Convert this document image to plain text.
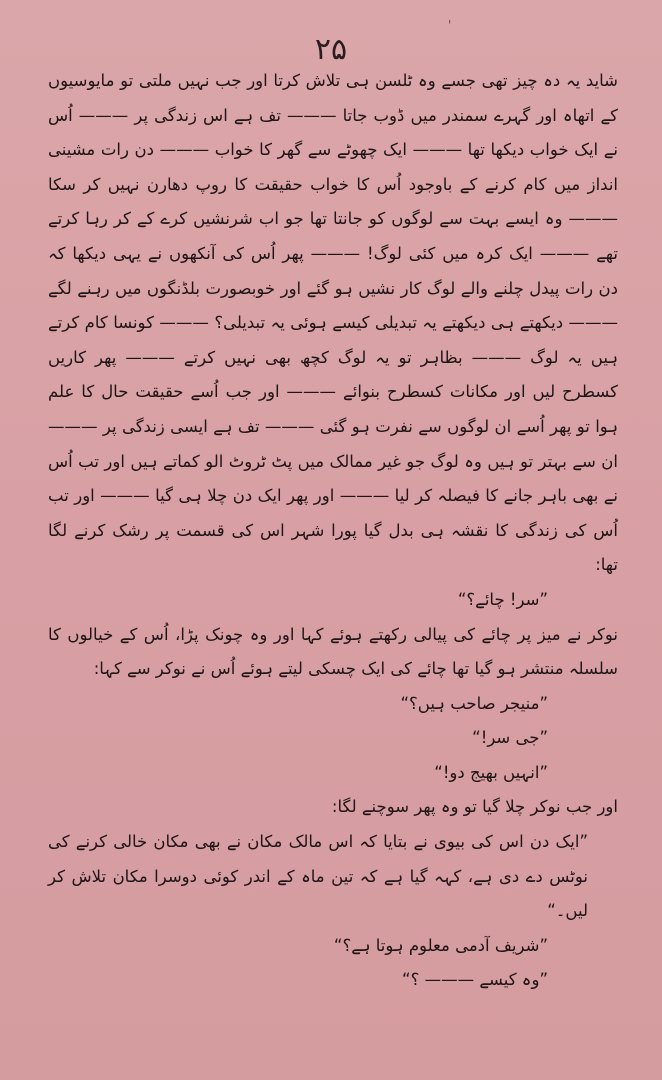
'
۲۵

شاید یہ دہ چیز تھی جسے وہ ٹلسن ہی تلاش کرتا اور جب نہیں ملتی تو مایوسیوں کے اتھاہ اور گہرے سمندر میں ڈوب جاتا ——— تف ہے اس زندگی پر ——— اُس نے ایک خواب دیکھا تھا ——— ایک چھوٹے سے گھر کا خواب ——— دن رات مشینی انداز میں کام کرنے کے باوجود اُس کا خواب حقیقت کا روپ دھارن نہیں کر سکا ——— وہ ایسے بہت سے لوگوں کو جانتا تھا جو اب شرنشیں کرے کے کر رہا کرتے تھے ——— ایک کرہ میں کئی لوگ! ——— پھر اُس کی آنکھوں نے یہی دیکھا کہ دن رات پیدل چلنے والے لوگ کار نشیں ہو گئے اور خوبصورت بلڈنگوں میں رہنے لگے ——— دیکھتے ہی دیکھتے یہ تبدیلی کیسے ہوئی یہ تبدیلی؟ ——— کونسا کام کرتے ہیں یہ لوگ ——— بظاہر تو یہ لوگ کچھ بھی نہیں کرتے ——— پھر کاریں کسطرح لیں اور مکانات کسطرح بنوائے ——— اور جب اُسے حقیقت حال کا علم ہوا تو پھر اُسے ان لوگوں سے نفرت ہو گئی ——— تف ہے ایسی زندگی پر ——— ان سے بہتر تو ہیں وہ لوگ جو غیر ممالک میں پٹ ٹروٹ الو کماتے ہیں اور تب اُس نے بھی باہر جانے کا فیصلہ کر لیا ——— اور پھر ایک دن چلا ہی گیا ——— اور تب اُس کی زندگی کا نقشہ ہی بدل گیا پورا شہر اس کی قسمت پر رشک کرنے لگا تھا:

”سر! چائے؟“

نوکر نے میز پر چائے کی پیالی رکھتے ہوئے کہا اور وہ چونک پڑا، اُس کے خیالوں کا سلسلہ منتشر ہو گیا تھا چائے کی ایک چسکی لیتے ہوئے اُس نے نوکر سے کہا:

”منیجر صاحب ہیں؟“

”جی سر!“

”انہیں بھیج دو!“

اور جب نوکر چلا گیا تو وہ پھر سوچنے لگا:

”ایک دن اس کی بیوی نے بتایا کہ اس مالک مکان نے بھی مکان خالی کرنے کی نوٹس دے دی ہے، کہہ گیا ہے کہ تین ماہ کے اندر کوئی دوسرا مکان تلاش کر لیں۔“

”شریف آدمی معلوم ہوتا ہے؟“

”وہ کیسے ——— ؟“
